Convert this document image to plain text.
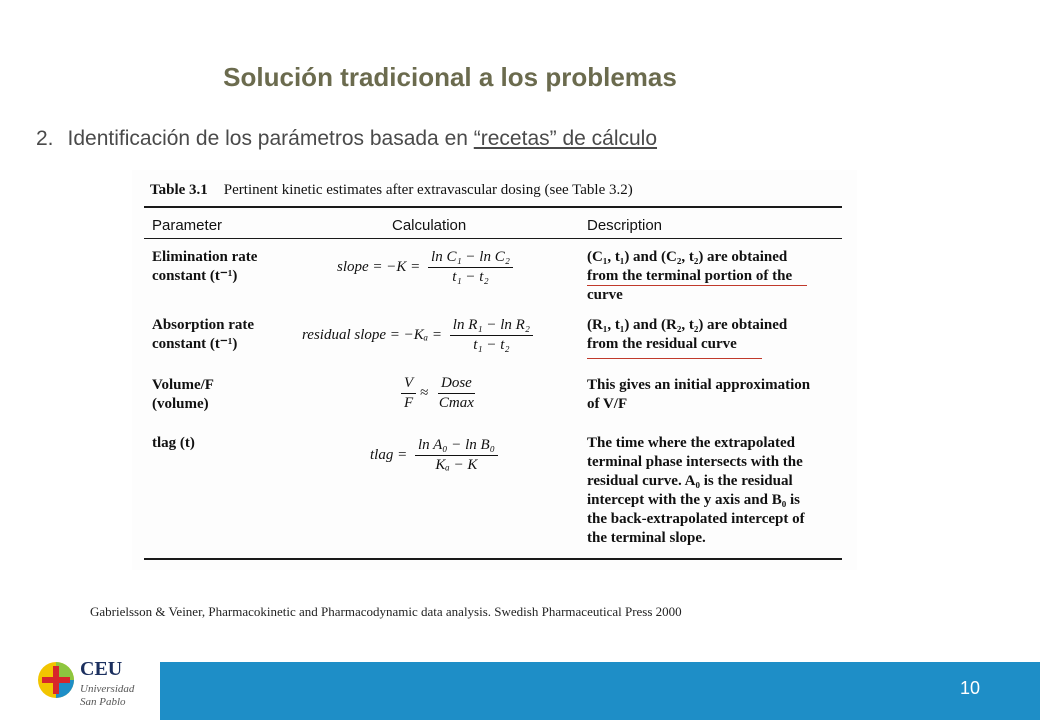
Solución tradicional a los problemas
2. Identificación de los parámetros basada en “recetas” de cálculo
Table 3.1 Pertinent kinetic estimates after extravascular dosing (see Table 3.2)
Parameter	Calculation	Description
Elimination rate
constant (t⁻¹)
slope = $-K = \frac{\text{ln C₁ − ln C₂}}{\text{t₁ − t₂}}$	(C₁, t₁) and (C₂, t₂) are obtained
from the terminal portion of the
curve
Absorption rate
constant (t⁻¹)
residual slope = $-K_a = \frac{\text{ln R₁ − ln R₂}}{\text{t₁ − t₂}}$	(R₁, t₁) and (R₂, t₂) are obtained
from the residual curve
Volume/F
(volume)	$\frac{V}{F} \approx \frac{\text{Dose}}{Cmax}$	This gives an initial approximation
of V/F
tlag (t)
tlag = $\frac{\text{ln A₀ − ln B₀}}{\text{Kₐ − K}}$	The time where the extrapolated
terminal phase intersects with the
residual curve. A₀ is the residual
intercept with the y axis and B₀ is
the back-extrapolated intercept of
the terminal slope.
Gabrielsson & Veiner, Pharmacokinetic and Pharmacodynamic data analysis. Swedish Pharmaceutical Press 2000
CEU
Universidad
San Pablo
10
